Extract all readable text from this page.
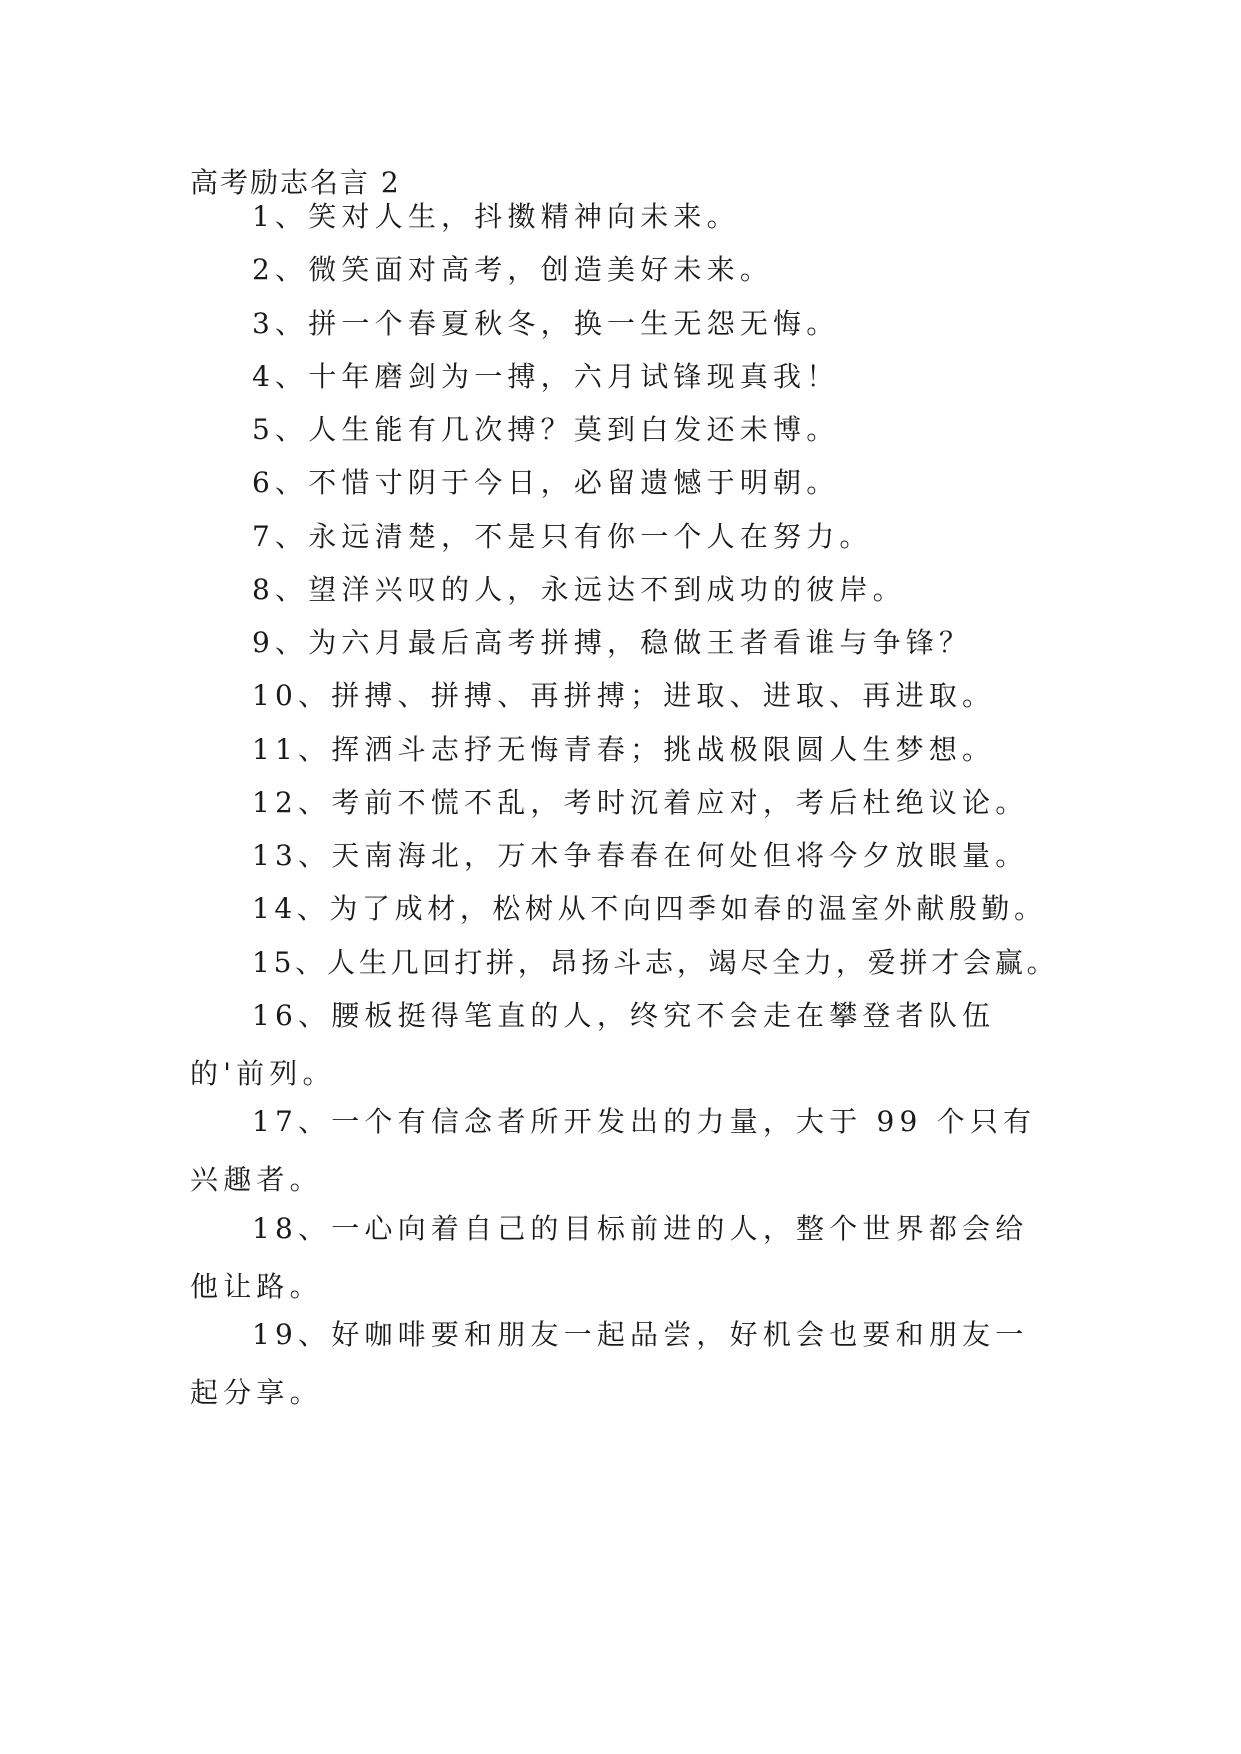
高考励志名言 2
1、笑对人生，抖擞精神向未来。
2、微笑面对高考，创造美好未来。
3、拼一个春夏秋冬，换一生无怨无悔。
4、十年磨剑为一搏，六月试锋现真我！
5、人生能有几次搏？莫到白发还未博。
6、不惜寸阴于今日，必留遗憾于明朝。
7、永远清楚，不是只有你一个人在努力。
8、望洋兴叹的人，永远达不到成功的彼岸。
9、为六月最后高考拼搏，稳做王者看谁与争锋？
10、拼搏、拼搏、再拼搏；进取、进取、再进取。
11、挥洒斗志抒无悔青春；挑战极限圆人生梦想。
12、考前不慌不乱，考时沉着应对，考后杜绝议论。
13、天南海北，万木争春春在何处但将今夕放眼量。
14、为了成材，松树从不向四季如春的温室外献殷勤。
15、人生几回打拼，昂扬斗志，竭尽全力，爱拼才会赢。
16、腰板挺得笔直的人，终究不会走在攀登者队伍的'前列。
17、一个有信念者所开发出的力量，大于 99 个只有兴趣者。
18、一心向着自己的目标前进的人，整个世界都会给他让路。
19、好咖啡要和朋友一起品尝，好机会也要和朋友一起分享。
